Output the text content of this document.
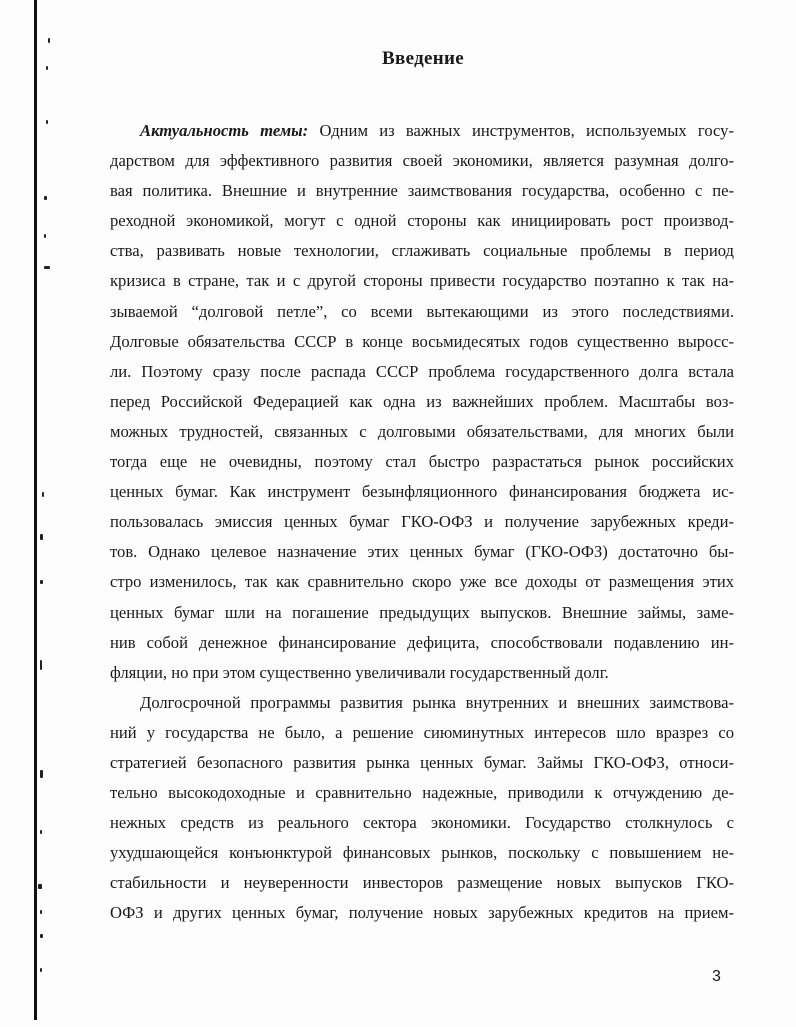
Введение
Актуальность темы: Одним из важных инструментов, используемых госу-
дарством для эффективного развития своей экономики, является разумная долго-
вая политика. Внешние и внутренние заимствования государства, особенно с пе-
реходной экономикой, могут с одной стороны как инициировать рост производ-
ства, развивать новые технологии, сглаживать социальные проблемы в период
кризиса в стране, так и с другой стороны привести государство поэтапно к так на-
зываемой “долговой петле”, со всеми вытекающими из этого последствиями.
Долговые обязательства СССР в конце восьмидесятых годов существенно выросс-
ли. Поэтому сразу после распада СССР проблема государственного долга встала
перед Российской Федерацией как одна из важнейших проблем. Масштабы воз-
можных трудностей, связанных с долговыми обязательствами, для многих были
тогда еще не очевидны, поэтому стал быстро разрастаться рынок российских
ценных бумаг. Как инструмент безынфляционного финансирования бюджета ис-
пользовалась эмиссия ценных бумаг ГКО-ОФЗ и получение зарубежных креди-
тов. Однако целевое назначение этих ценных бумаг (ГКО-ОФЗ) достаточно бы-
стро изменилось, так как сравнительно скоро уже все доходы от размещения этих
ценных бумаг шли на погашение предыдущих выпусков. Внешние займы, заме-
нив собой денежное финансирование дефицита, способствовали подавлению ин-
фляции, но при этом существенно увеличивали государственный долг.
Долгосрочной программы развития рынка внутренних и внешних заимствова-
ний у государства не было, а решение сиюминутных интересов шло вразрез со
стратегией безопасного развития рынка ценных бумаг. Займы ГКО-ОФЗ, относи-
тельно высокодоходные и сравнительно надежные, приводили к отчуждению де-
нежных средств из реального сектора экономики. Государство столкнулось с
ухудшающейся конъюнктурой финансовых рынков, поскольку с повышением не-
стабильности и неуверенности инвесторов размещение новых выпусков ГКО-
ОФЗ и других ценных бумаг, получение новых зарубежных кредитов на прием-
3
